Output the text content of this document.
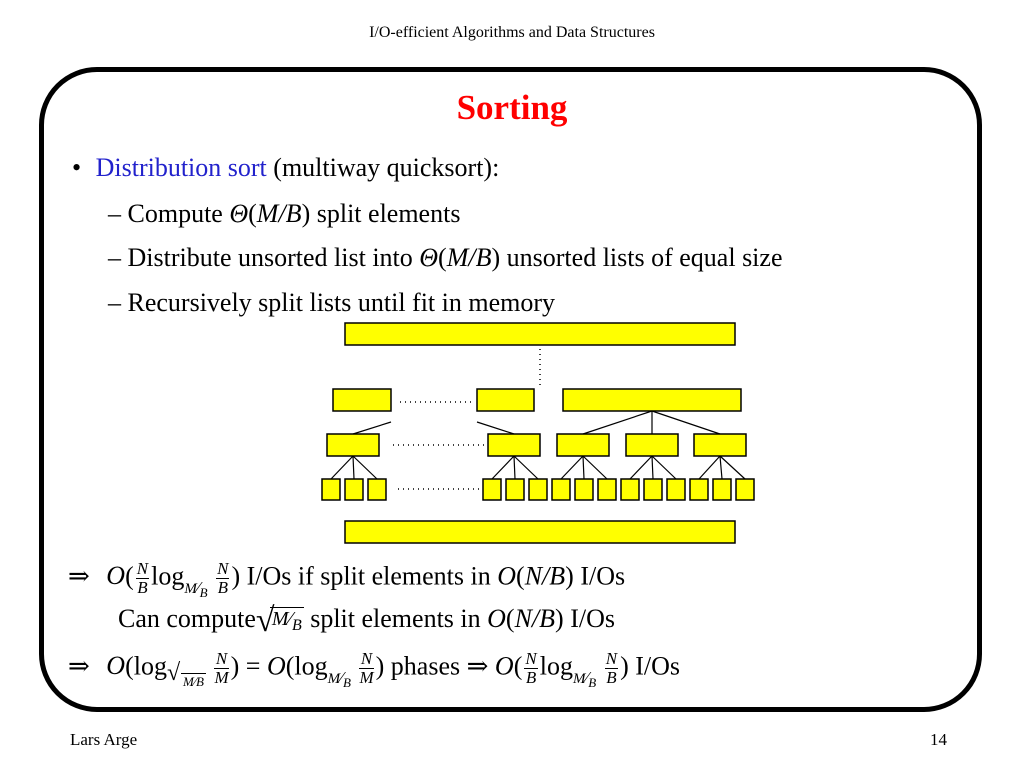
I/O-efficient Algorithms and Data Structures
Sorting
• Distribution sort (multiway quicksort):
– Compute Θ(M/B) split elements
– Distribute unsorted list into Θ(M/B) unsorted lists of equal size
– Recursively split lists until fit in memory
⇒ $O( \frac{N}{B} \log_{M⁄B} \frac{N}{B}$ ) I/Os if split elements in O(N/B) I/Os
Can compute √
$M⁄_B$ split elements in O(N/B) I/Os
⇒ O(log √ M⁄B $\frac{N}{M}$ ) = $O(\log_{M⁄B} \frac{N}{M}$ ) phases ⇒ $O( \frac{N}{B} \log_{M⁄B} \frac{N}{B}$ ) I/Os
Lars Arge	14
